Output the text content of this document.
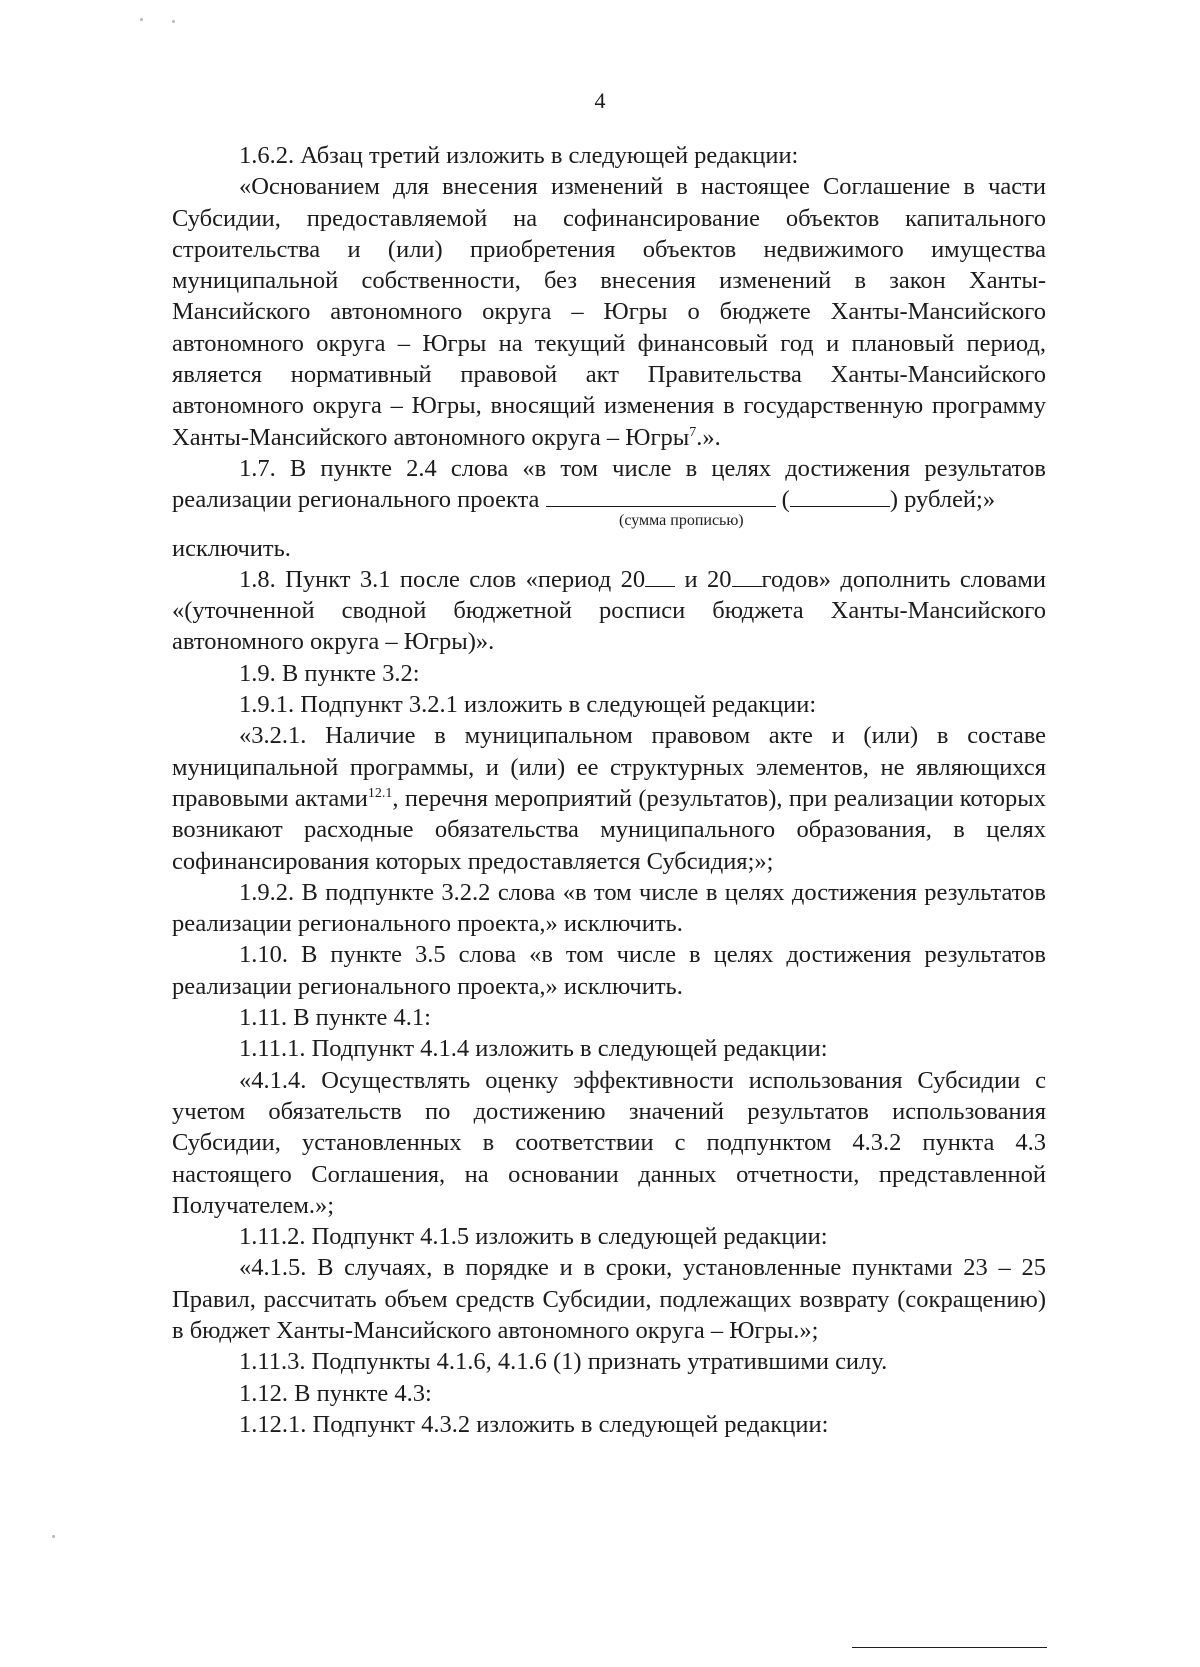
4

1.6.2. Абзац третий изложить в следующей редакции:

«Основанием для внесения изменений в настоящее Соглашение в части Субсидии, предоставляемой на софинансирование объектов капитального строительства и (или) приобретения объектов недвижимого имущества муниципальной собственности, без внесения изменений в закон Ханты-Мансийского автономного округа – Югры о бюджете Ханты-Мансийского автономного округа – Югры на текущий финансовый год и плановый период, является нормативный правовой акт Правительства Ханты-Мансийского автономного округа – Югры, вносящий изменения в государственную программу Ханты-Мансийского автономного округа – Югры$^7$.».

1.7. В пункте 2.4 слова «в том числе в целях достижения результатов реализации регионального проекта	(	) рублей;»
(сумма прописью)
исключить.

1.8. Пункт 3.1 после слов «период 20 и 20 годов» дополнить словами «(уточненной сводной бюджетной росписи бюджета Ханты-Мансийского автономного округа – Югры)».

1.9. В пункте 3.2:

1.9.1. Подпункт 3.2.1 изложить в следующей редакции:

«3.2.1. Наличие в муниципальном правовом акте и (или) в составе муниципальной программы, и (или) ее структурных элементов, не являющихся правовыми актами$^{12.1}$, перечня мероприятий (результатов), при реализации которых возникают расходные обязательства муниципального образования, в целях софинансирования которых предоставляется Субсидия;»;

1.9.2. В подпункте 3.2.2 слова «в том числе в целях достижения результатов реализации регионального проекта,» исключить.

1.10. В пункте 3.5 слова «в том числе в целях достижения результатов реализации регионального проекта,» исключить.

1.11. В пункте 4.1:

1.11.1. Подпункт 4.1.4 изложить в следующей редакции:

«4.1.4. Осуществлять оценку эффективности использования Субсидии с учетом обязательств по достижению значений результатов использования Субсидии, установленных в соответствии с подпунктом 4.3.2 пункта 4.3 настоящего Соглашения, на основании данных отчетности, представленной Получателем.»;

1.11.2. Подпункт 4.1.5 изложить в следующей редакции:

«4.1.5. В случаях, в порядке и в сроки, установленные пунктами 23 – 25 Правил, рассчитать объем средств Субсидии, подлежащих возврату (сокращению) в бюджет Ханты-Мансийского автономного округа – Югры.»;

1.11.3. Подпункты 4.1.6, 4.1.6 (1) признать утратившими силу.

1.12. В пункте 4.3:

1.12.1. Подпункт 4.3.2 изложить в следующей редакции:
